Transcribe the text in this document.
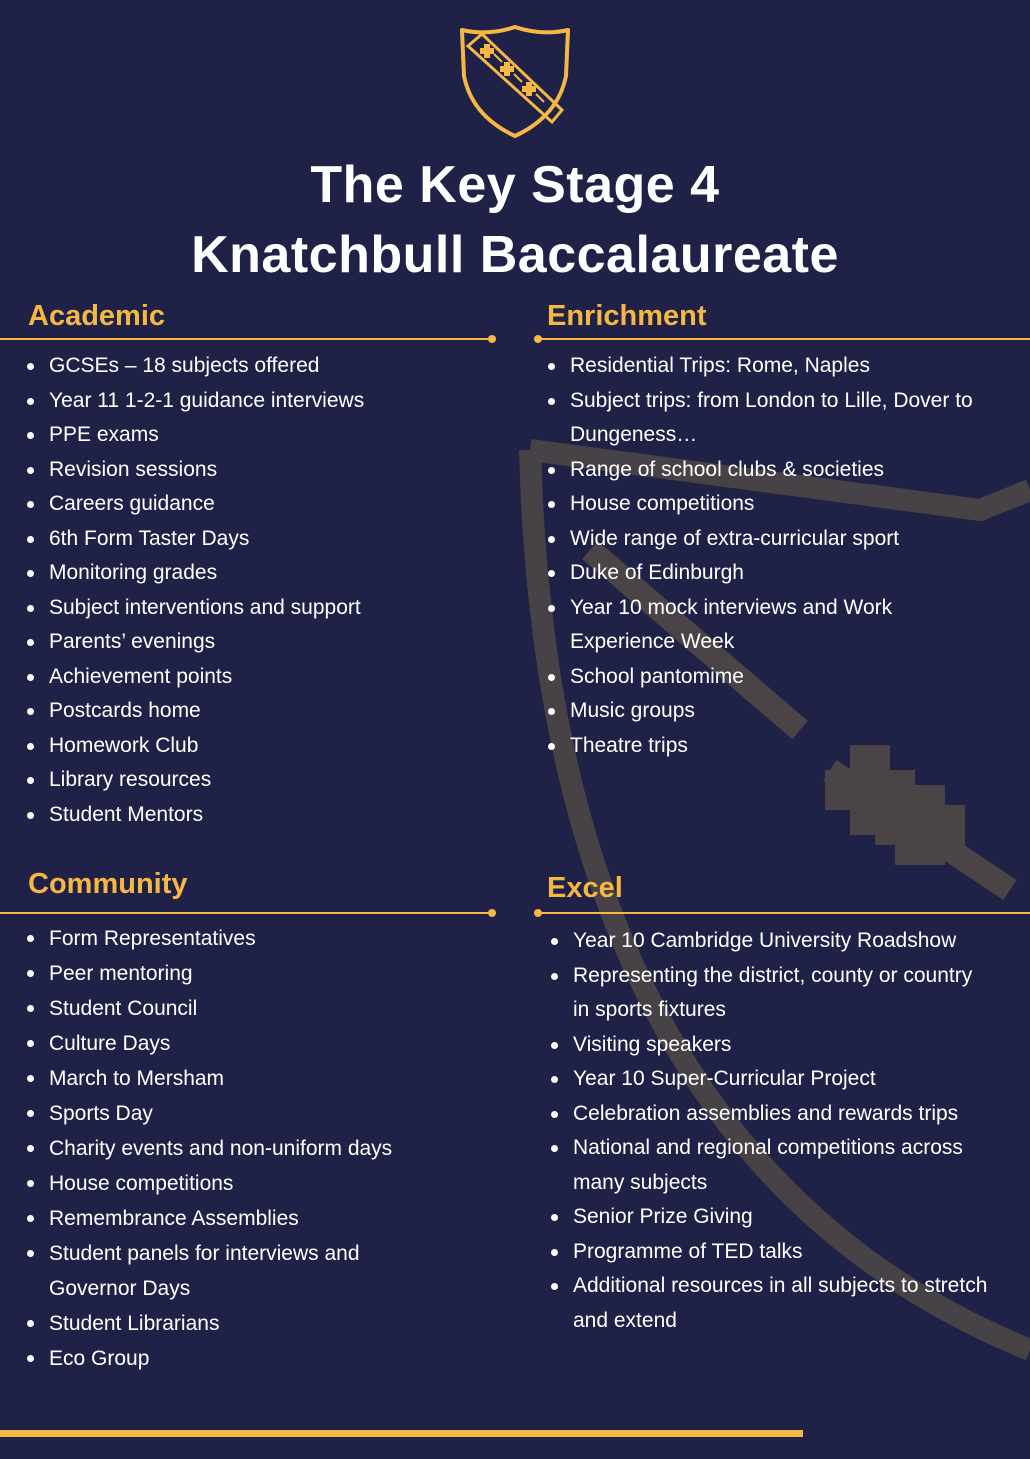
The Key Stage 4
Knatchbull Baccalaureate
Academic
GCSEs – 18 subjects offered
Year 11 1-2-1 guidance interviews
PPE exams
Revision sessions
Careers guidance
6th Form Taster Days
Monitoring grades
Subject interventions and support
Parents’ evenings
Achievement points
Postcards home
Homework Club
Library resources
Student Mentors
Enrichment
Residential Trips: Rome, Naples
Subject trips: from London to Lille, Dover to
Dungeness…
Range of school clubs & societies
House competitions
Wide range of extra-curricular sport
Duke of Edinburgh
Year 10 mock interviews and Work
Experience Week
School pantomime
Music groups
Theatre trips
Community
Form Representatives
Peer mentoring
Student Council
Culture Days
March to Mersham
Sports Day
Charity events and non-uniform days
House competitions
Remembrance Assemblies
Student panels for interviews and
Governor Days
Student Librarians
Eco Group
Excel
Year 10 Cambridge University Roadshow
Representing the district, county or country
in sports fixtures
Visiting speakers
Year 10 Super-Curricular Project
Celebration assemblies and rewards trips
National and regional competitions across
many subjects
Senior Prize Giving
Programme of TED talks
Additional resources in all subjects to stretch
and extend
